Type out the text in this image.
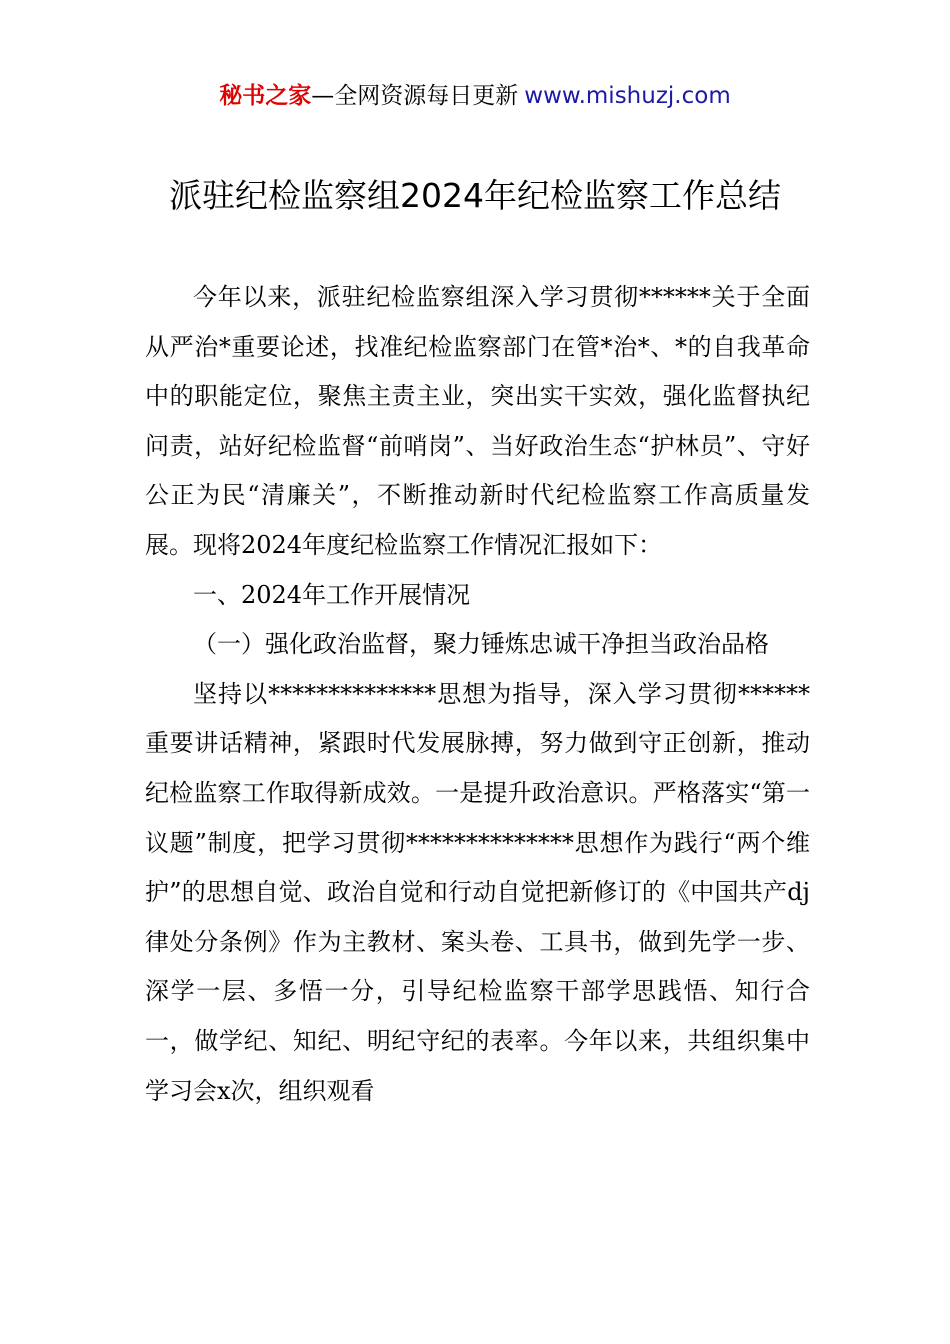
秘书之家—全网资源每日更新 www.mishuzj.com
派驻纪检监察组2024年纪检监察工作总结

今年以来，派驻纪检监察组深入学习贯彻******关于全面从严治*重要论述，找准纪检监察部门在管*治*、*的自我革命中的职能定位，聚焦主责主业，突出实干实效，强化监督执纪问责，站好纪检监督“前哨岗”、当好政治生态“护林员”、守好公正为民“清廉关”，不断推动新时代纪检监察工作高质量发展。现将2024年度纪检监察工作情况汇报如下：

一、2024年工作开展情况

（一）强化政治监督，聚力锤炼忠诚干净担当政治品格

坚持以**************思想为指导，深入学习贯彻******重要讲话精神，紧跟时代发展脉搏，努力做到守正创新，推动纪检监察工作取得新成效。一是提升政治意识。严格落实“第一议题”制度，把学习贯彻**************思想作为践行“两个维护”的思想自觉、政治自觉和行动自觉把新修订的《中国共产dj律处分条例》作为主教材、案头卷、工具书，做到先学一步、深学一层、多悟一分，引导纪检监察干部学思践悟、知行合一，做学纪、知纪、明纪守纪的表率。今年以来，共组织集中学习会x次，组织观看
